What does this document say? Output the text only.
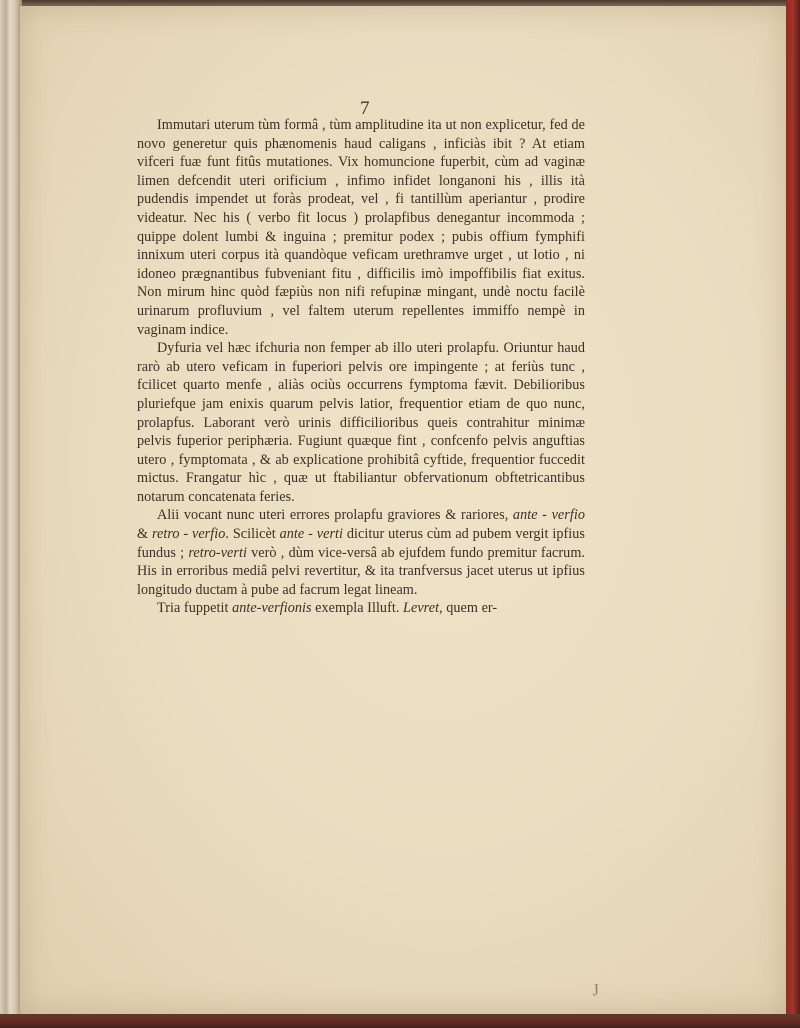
7

Immutari uterum tùm formâ , tùm amplitudine ita ut non explicetur, fed de novo generetur quis phænomenis haud caligans , inficiàs ibit ? At etiam vifceri fuæ funt fitûs mutationes. Vix homuncione fuperbit, cùm ad vaginæ limen defcendit uteri orificium , infimo infidet longanoni his , illis ità pudendis impendet ut foràs prodeat, vel , fi tantillùm aperiantur , prodire videatur. Nec his ( verbo fit locus ) prolapfibus denegantur incommoda ; quippe dolent lumbi & inguina ; premitur podex ; pubis offium fymphifi innixum uteri corpus ità quandòque veficam urethramve urget , ut lotio , ni idoneo prægnantibus fubveniant fitu , difficilis imò impoffibilis fiat exitus. Non mirum hinc quòd fæpiùs non nifi refupinæ mingant, undè noctu facilè urinarum profluvium , vel faltem uterum repellentes immiffo nempè in vaginam indice.

Dyfuria vel hæc ifchuria non femper ab illo uteri prolapfu. Oriuntur haud rarò ab utero veficam in fuperiori pelvis ore impingente ; at feriùs tunc , fcilicet quarto menfe , aliàs ociùs occurrens fymptoma fævit. Debilioribus pluriefque jam enixis quarum pelvis latior, frequentior etiam de quo nunc, prolapfus. Laborant verò urinis difficilioribus queis contrahitur minimæ pelvis fuperior periphæria. Fugiunt quæque fint , confcenfo pelvis anguftias utero , fymptomata , & ab explicatione prohibitâ cyftide, frequentior fuccedit mictus. Frangatur hìc , quæ ut ftabiliantur obfervationum obftetricantibus notarum concatenata feries.

Alii vocant nunc uteri errores prolapfu graviores & rariores, ante - verfio & retro - verfio. Scilicèt ante - verti dicitur uterus cùm ad pubem vergit ipfius fundus ; retro-verti verò , dùm vice-versâ ab ejufdem fundo premitur facrum. His in erroribus mediâ pelvi revertitur, & ita tranfversus jacet uterus ut ipfius longitudo ductam à pube ad facrum legat lineam.

Tria fuppetit ante-verfionis exempla Illuft. Levret, quem er-

J
